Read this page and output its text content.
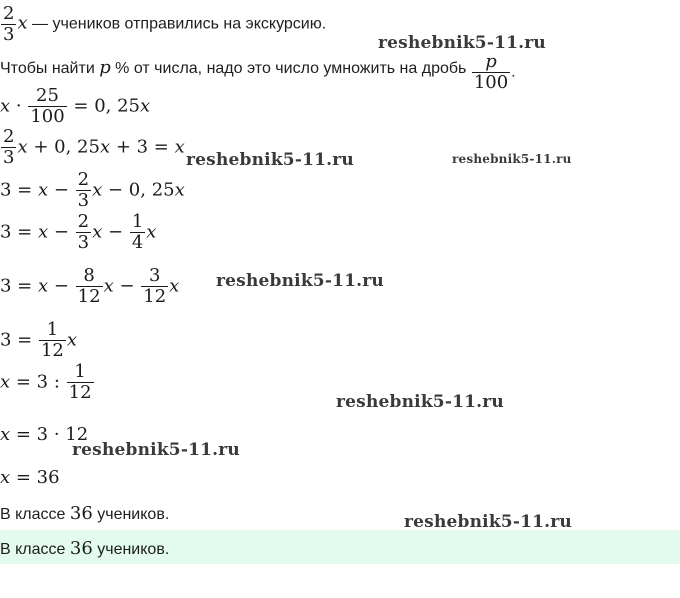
$\frac{2}{3}$ x — учеников отправились на экскурсию.
Чтобы найти p % от числа, надо это число умножить на дробь $\frac{p}{100}$ .
$x \cdot \frac{25}{100} = 0$, 25x
$\frac{2}{3}$ x + 0, 25x + 3 = x
$3 = x - \frac{2}{3}$ x − 0, 25x
$3 = x - \frac{2}{3}$ $x - \frac{1}{4}$ x
$3 = x - \frac{8}{12}$ $x - \frac{3}{12}$ x
$3 = \frac{1}{12}$ x
x = 3 : $\frac{1}{12}$
x = 3 · 12
x = 36
В классе 36 учеников.
В классе 36 учеников.
reshebnik5-11.ru
reshebnik5-11.ru	reshebnik5-11.ru
reshebnik5-11.ru
reshebnik5-11.ru
reshebnik5-11.ru
reshebnik5-11.ru
